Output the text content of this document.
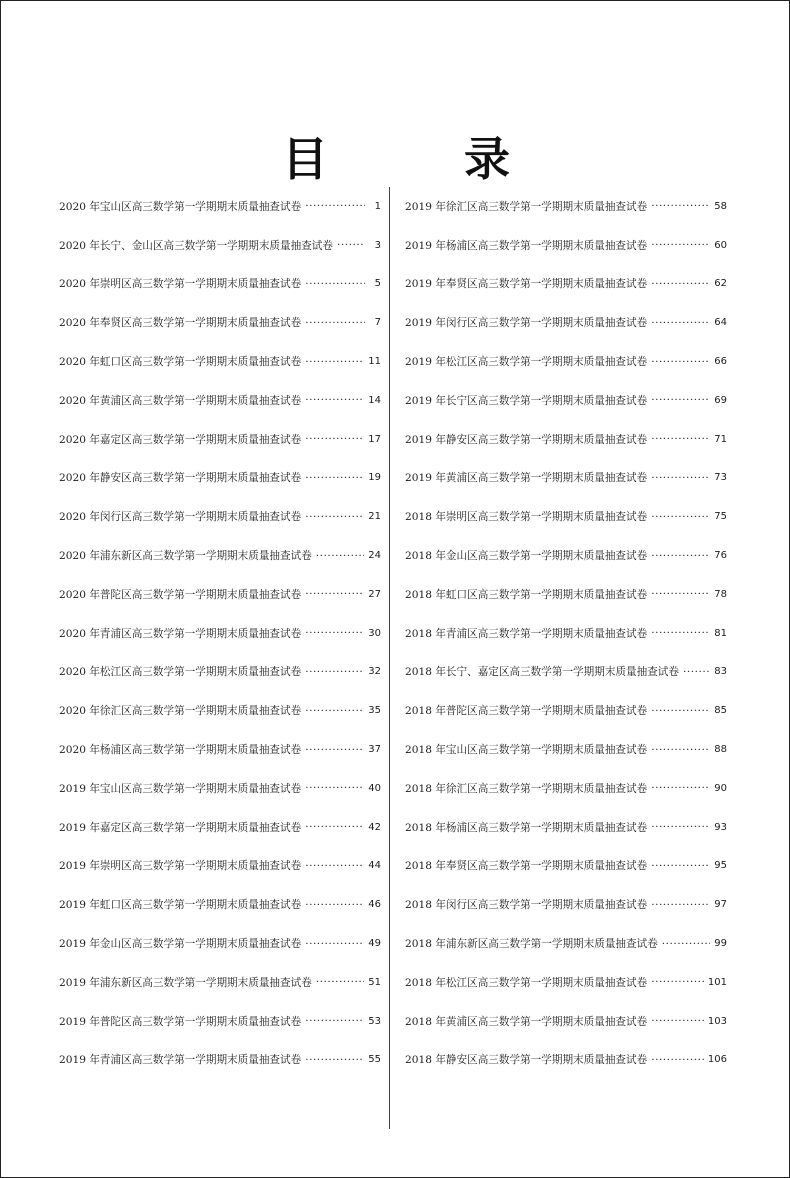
目 录
2020 年宝山区高三数学第一学期期末质量抽查试卷 ·····	1
2020 年长宁、金山区高三数学第一学期期末质量抽查试卷 ·····	3
2020 年崇明区高三数学第一学期期末质量抽查试卷 ·····	5
2020 年奉贤区高三数学第一学期期末质量抽查试卷 ·····	7
2020 年虹口区高三数学第一学期期末质量抽查试卷 ·····	11
2020 年黄浦区高三数学第一学期期末质量抽查试卷 ·····	14
2020 年嘉定区高三数学第一学期期末质量抽查试卷 ·····	17
2020 年静安区高三数学第一学期期末质量抽查试卷 ·····	19
2020 年闵行区高三数学第一学期期末质量抽查试卷 ·····	21
2020 年浦东新区高三数学第一学期期末质量抽查试卷 ·····	24
2020 年普陀区高三数学第一学期期末质量抽查试卷 ·····	27
2020 年青浦区高三数学第一学期期末质量抽查试卷 ·····	30
2020 年松江区高三数学第一学期期末质量抽查试卷 ·····	32
2020 年徐汇区高三数学第一学期期末质量抽查试卷 ·····	35
2020 年杨浦区高三数学第一学期期末质量抽查试卷 ·····	37
2019 年宝山区高三数学第一学期期末质量抽查试卷 ·····	40
2019 年嘉定区高三数学第一学期期末质量抽查试卷 ·····	42
2019 年崇明区高三数学第一学期期末质量抽查试卷 ·····	44
2019 年虹口区高三数学第一学期期末质量抽查试卷 ·····	46
2019 年金山区高三数学第一学期期末质量抽查试卷 ·····	49
2019 年浦东新区高三数学第一学期期末质量抽查试卷 ·····	51
2019 年普陀区高三数学第一学期期末质量抽查试卷 ·····	53
2019 年青浦区高三数学第一学期期末质量抽查试卷 ·····	55
2019 年徐汇区高三数学第一学期期末质量抽查试卷 ·····	58
2019 年杨浦区高三数学第一学期期末质量抽查试卷 ·····	60
2019 年奉贤区高三数学第一学期期末质量抽查试卷 ·····	62
2019 年闵行区高三数学第一学期期末质量抽查试卷 ·····	64
2019 年松江区高三数学第一学期期末质量抽查试卷 ·····	66
2019 年长宁区高三数学第一学期期末质量抽查试卷 ·····	69
2019 年静安区高三数学第一学期期末质量抽查试卷 ·····	71
2019 年黄浦区高三数学第一学期期末质量抽查试卷 ·····	73
2018 年崇明区高三数学第一学期期末质量抽查试卷 ·····	75
2018 年金山区高三数学第一学期期末质量抽查试卷 ·····	76
2018 年虹口区高三数学第一学期期末质量抽查试卷 ·····	78
2018 年青浦区高三数学第一学期期末质量抽查试卷 ·····	81
2018 年长宁、嘉定区高三数学第一学期期末质量抽查试卷 ·····	83
2018 年普陀区高三数学第一学期期末质量抽查试卷 ·····	85
2018 年宝山区高三数学第一学期期末质量抽查试卷 ·····	88
2018 年徐汇区高三数学第一学期期末质量抽查试卷 ·····	90
2018 年杨浦区高三数学第一学期期末质量抽查试卷 ·····	93
2018 年奉贤区高三数学第一学期期末质量抽查试卷 ·····	95
2018 年闵行区高三数学第一学期期末质量抽查试卷 ·····	97
2018 年浦东新区高三数学第一学期期末质量抽查试卷 ·····	99
2018 年松江区高三数学第一学期期末质量抽查试卷 ·····	101
2018 年黄浦区高三数学第一学期期末质量抽查试卷 ·····	103
2018 年静安区高三数学第一学期期末质量抽查试卷 ·····	106
